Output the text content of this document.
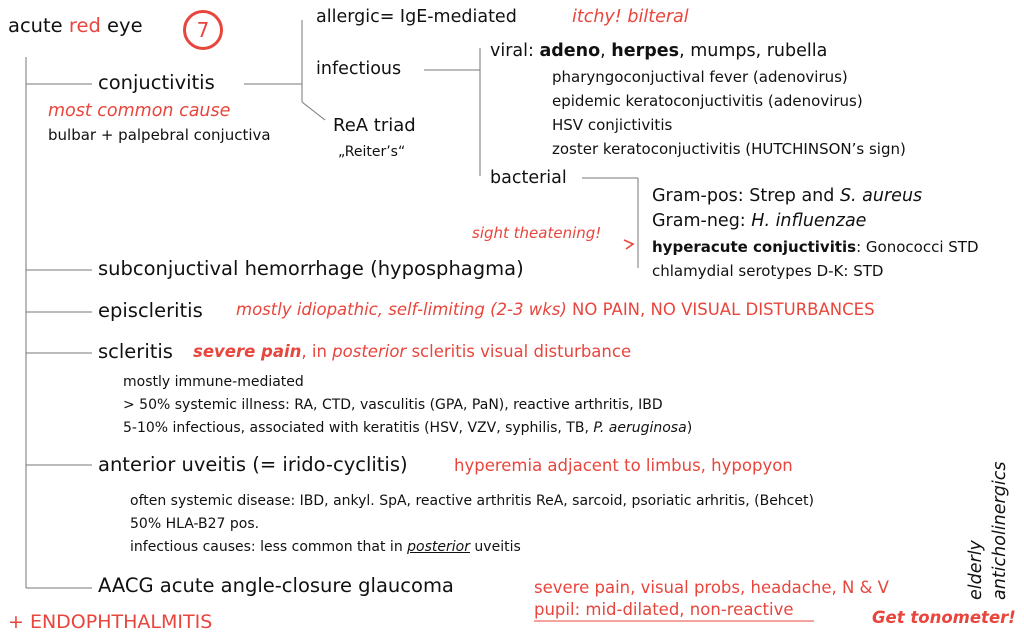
acute red eye	7
allergic= IgE-mediated	itchy! bilteral
conjuctivitis
most common cause
bulbar + palpebral conjuctiva
infectious
ReA triad
„Reiter’s“
viral: adeno, herpes, mumps, rubella
pharyngoconjuctival fever (adenovirus)
epidemic keratoconjuctivitis (adenovirus)
HSV conjictivitis
zoster keratoconjuctivitis (HUTCHINSON’s sign)
bacterial
Gram-pos: Strep and S. aureus
Gram-neg: H. influenzae
sight theatening!
hyperacute conjuctivitis: Gonococci STD
chlamydial serotypes D-K: STD
subconjuctival hemorrhage (hyposphagma)
episcleritis mostly idiopathic, self-limiting (2-3 wks) NO PAIN, NO VISUAL DISTURBANCES
scleritis severe pain, in posterior scleritis visual disturbance
mostly immune-mediated
> 50% systemic illness: RA, CTD, vasculitis (GPA, PaN), reactive arthritis, IBD
5-10% infectious, associated with keratitis (HSV, VZV, syphilis, TB, P. aeruginosa)
anterior uveitis (= irido-cyclitis)	hyperemia adjacent to limbus, hypopyon
often systemic disease: IBD, ankyl. SpA, reactive arthritis ReA, sarcoid, psoriatic arhritis, (Behcet)
50% HLA-B27 pos.
infectious causes: less common that in posterior uveitis
AACG acute angle-closure glaucoma	severe pain, visual probs, headache, N & V
pupil: mid-dilated, non-reactive
elderly anticholinergics
Get tonometer!
+ ENDOPHTHALMITIS
